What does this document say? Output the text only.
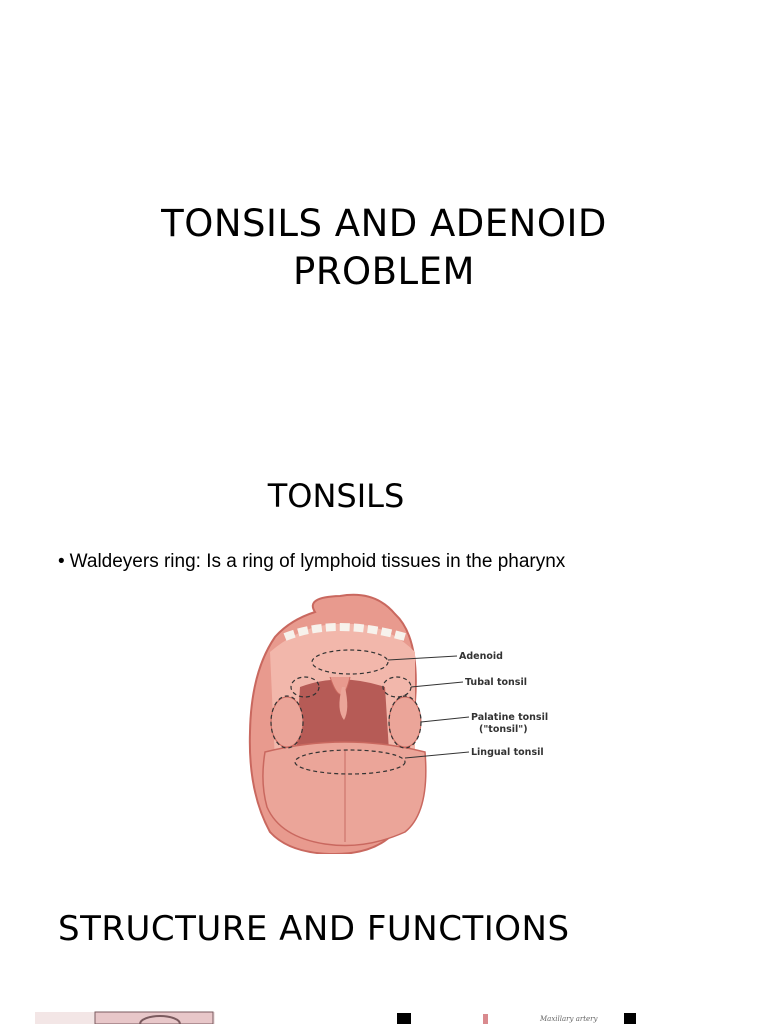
TONSILS AND ADENOID
PROBLEM
TONSILS
• Waldeyers ring: Is a ring of lymphoid tissues in the pharynx
Adenoid
Tubal tonsil
Palatine tonsil
("tonsil")
Lingual tonsil
STRUCTURE AND FUNCTIONS
Maxillary artery
